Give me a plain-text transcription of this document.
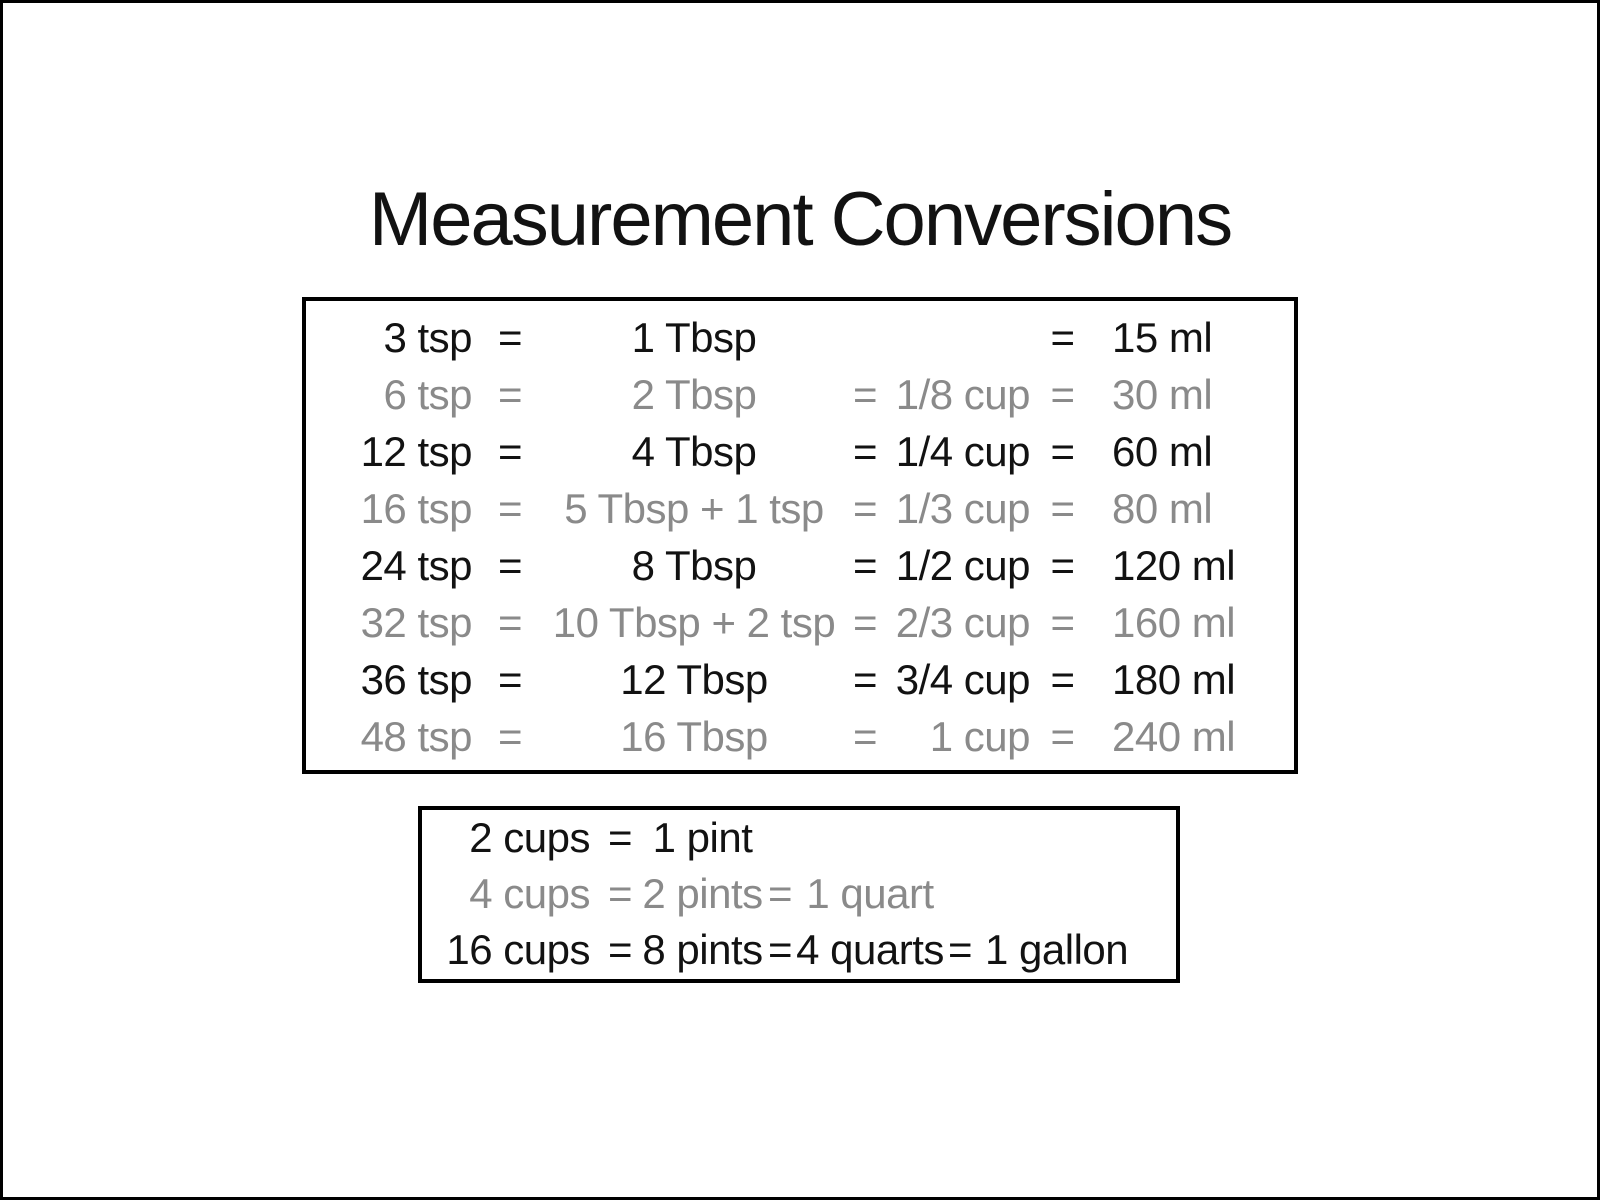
Measurement Conversions
3 tsp =	1 Tbsp	= 15 ml
6 tsp =	2 Tbsp = 1/8 cup = 30 ml
12 tsp =	4 Tbsp = 1/4 cup = 60 ml
16 tsp = 5 Tbsp + 1 tsp = 1/3 cup = 80 ml
24 tsp =	8 Tbsp = 1/2 cup = 120 ml
32 tsp = 10 Tbsp + 2 tsp = 2/3 cup = 160 ml
36 tsp = 12 Tbsp = 3/4 cup = 180 ml
48 tsp = 16 Tbsp = 1 cup = 240 ml
2 cups = 1 pint
4 cups = 2 pints = 1 quart
16 cups = 8 pints = 4 quarts = 1 gallon
